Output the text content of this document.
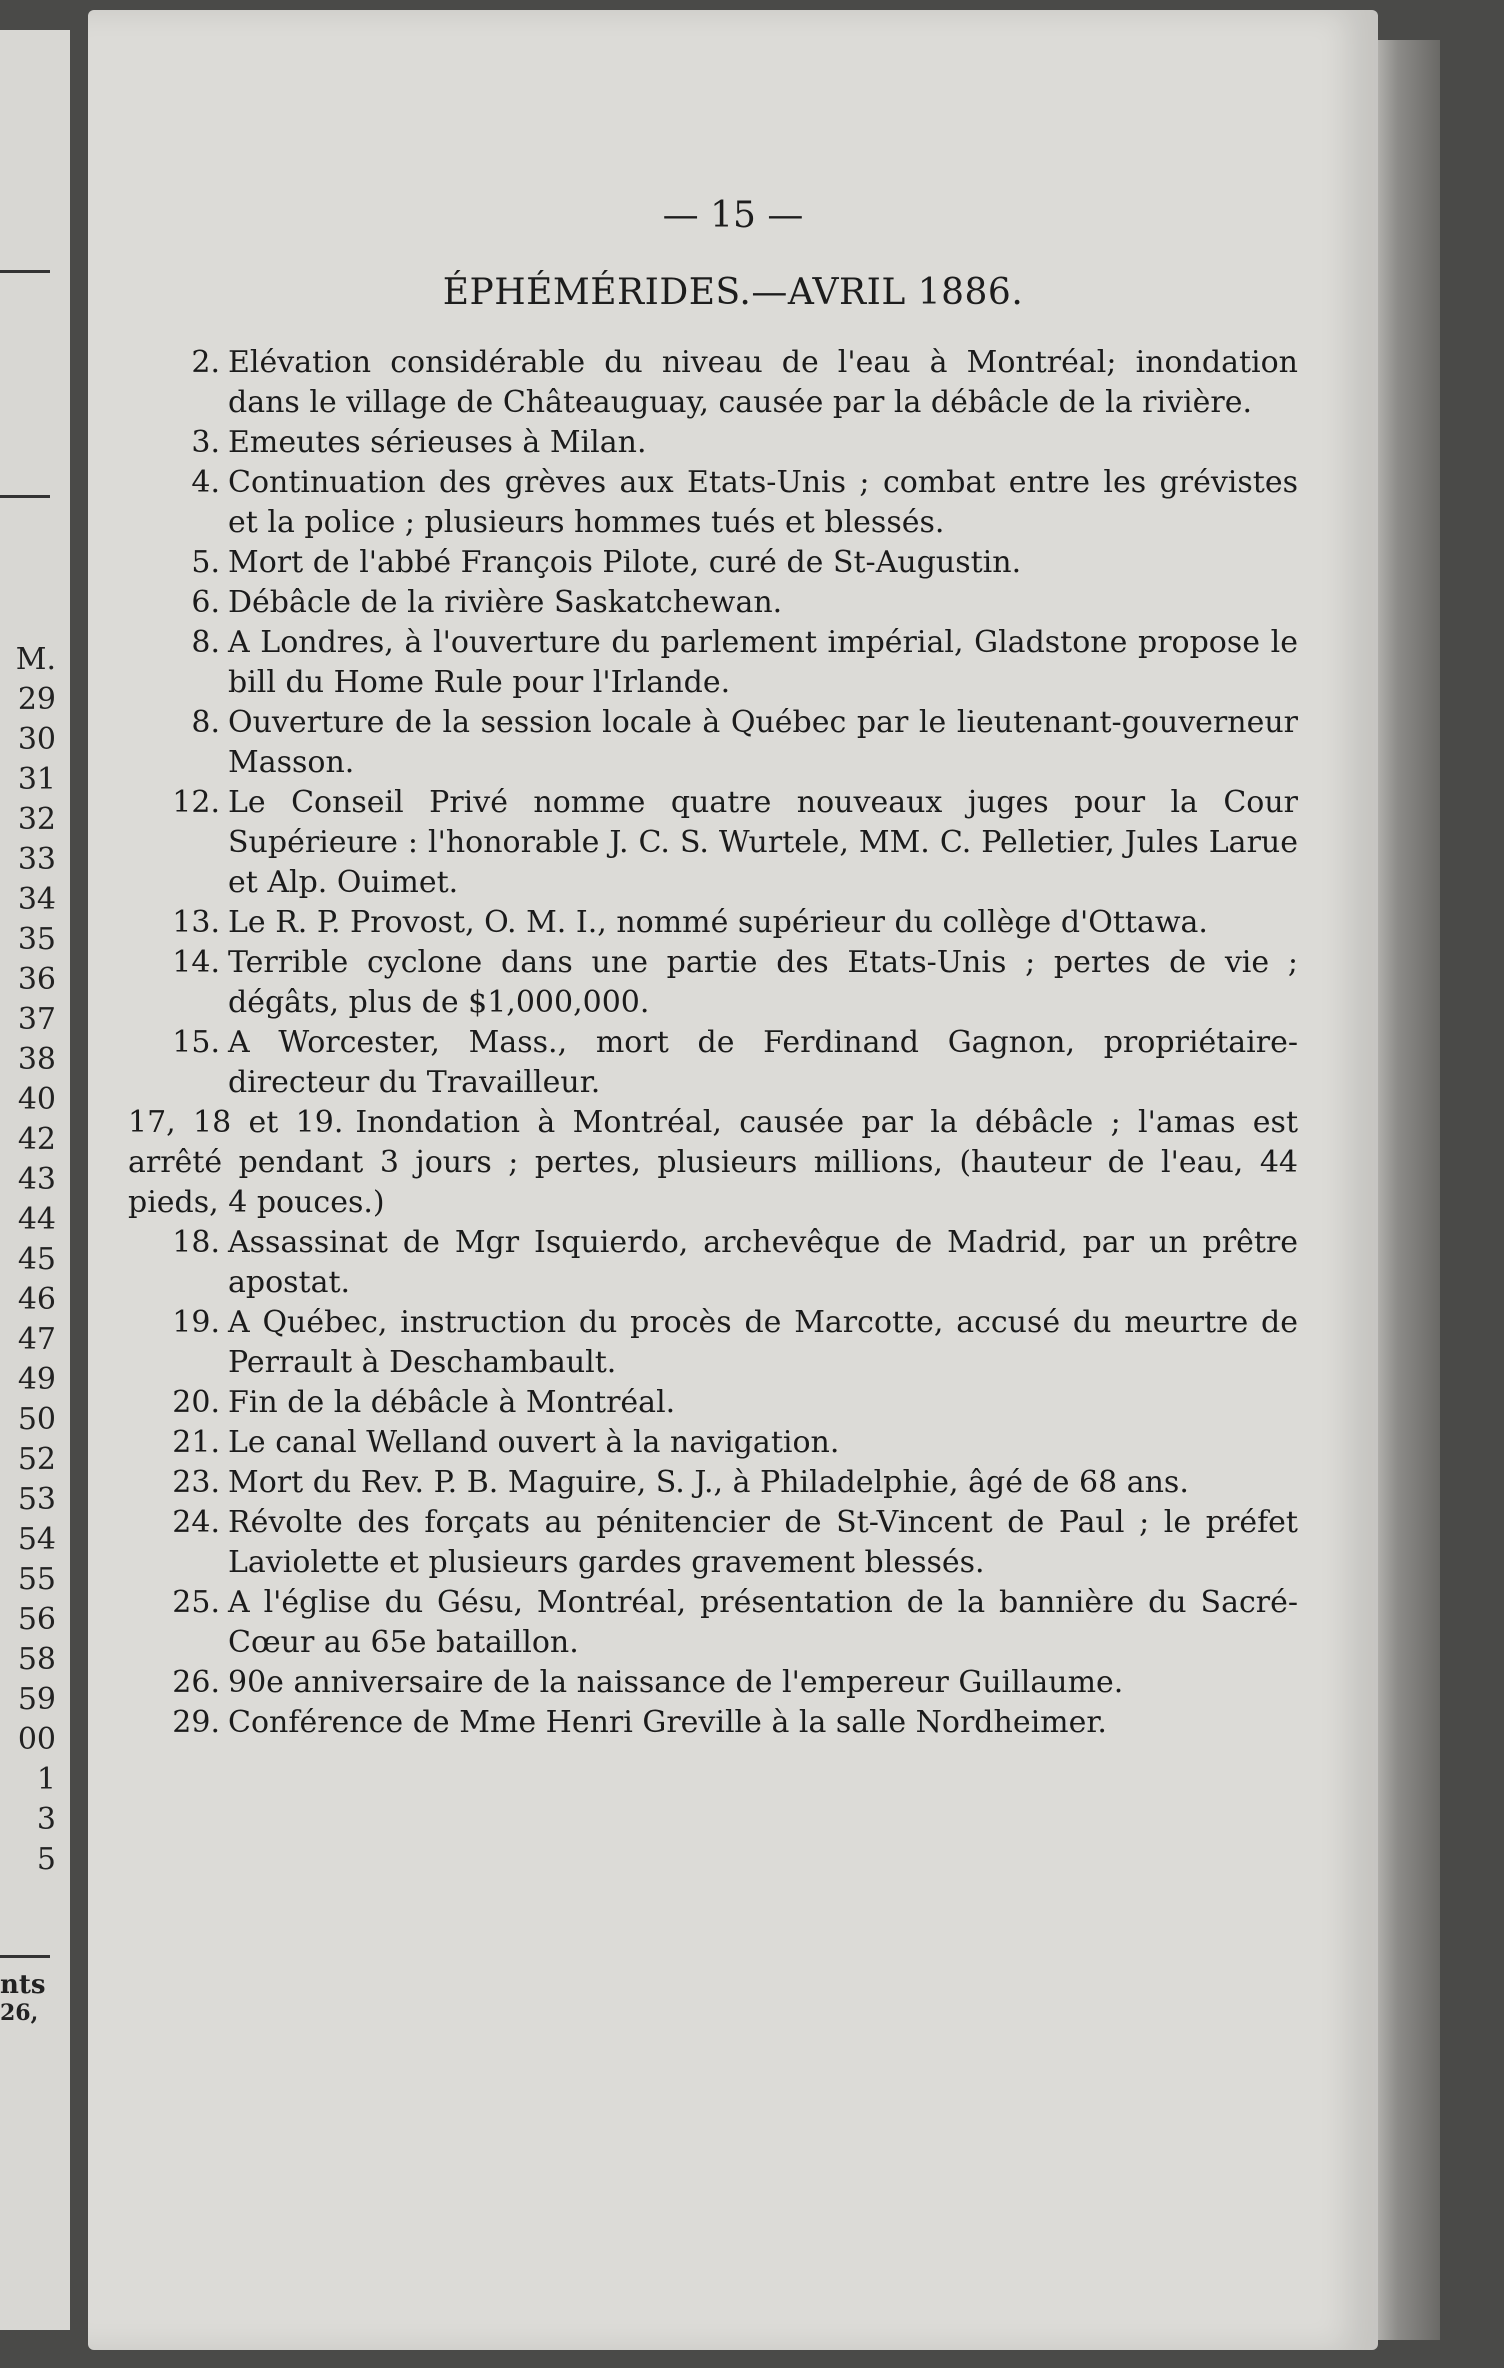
M.
29
30
31
32
33
34
35
36
37
38
40
42
43
44
45
46
47
49
50
52
53
54
55
56
58
59
00
1
3
5
nts
26,
— 15 —
ÉPHÉMÉRIDES.—AVRIL 1886.
2. Elévation considérable du niveau de l'eau à Montréal; inondation dans le village de Châteauguay, causée par la débâcle de la rivière.
3. Emeutes sérieuses à Milan.
4. Continuation des grèves aux Etats-Unis ; combat entre les grévistes et la police ; plusieurs hommes tués et blessés.
5. Mort de l'abbé François Pilote, curé de St-Augustin.
6. Débâcle de la rivière Saskatchewan.
8. A Londres, à l'ouverture du parlement impérial, Gladstone propose le bill du Home Rule pour l'Irlande.
8. Ouverture de la session locale à Québec par le lieutenant-gouverneur Masson.
12. Le Conseil Privé nomme quatre nouveaux juges pour la Cour Supérieure : l'honorable J. C. S. Wurtele, MM. C. Pelletier, Jules Larue et Alp. Ouimet.
13. Le R. P. Provost, O. M. I., nommé supérieur du collège d'Ottawa.
14. Terrible cyclone dans une partie des Etats-Unis ; pertes de vie ; dégâts, plus de $1,000,000.
15. A Worcester, Mass., mort de Ferdinand Gagnon, propriétaire-directeur du Travailleur.
17, 18 et 19. Inondation à Montréal, causée par la débâcle ; l'amas est arrêté pendant 3 jours ; pertes, plusieurs millions, (hauteur de l'eau, 44 pieds, 4 pouces.)
18. Assassinat de Mgr Isquierdo, archevêque de Madrid, par un prêtre apostat.
19. A Québec, instruction du procès de Marcotte, accusé du meurtre de Perrault à Deschambault.
20. Fin de la débâcle à Montréal.
21. Le canal Welland ouvert à la navigation.
23. Mort du Rev. P. B. Maguire, S. J., à Philadelphie, âgé de 68 ans.
24. Révolte des forçats au pénitencier de St-Vincent de Paul ; le préfet Laviolette et plusieurs gardes gravement blessés.
25. A l'église du Gésu, Montréal, présentation de la bannière du Sacré-Cœur au 65e bataillon.
26. 90e anniversaire de la naissance de l'empereur Guillaume.
29. Conférence de Mme Henri Greville à la salle Nordheimer.
